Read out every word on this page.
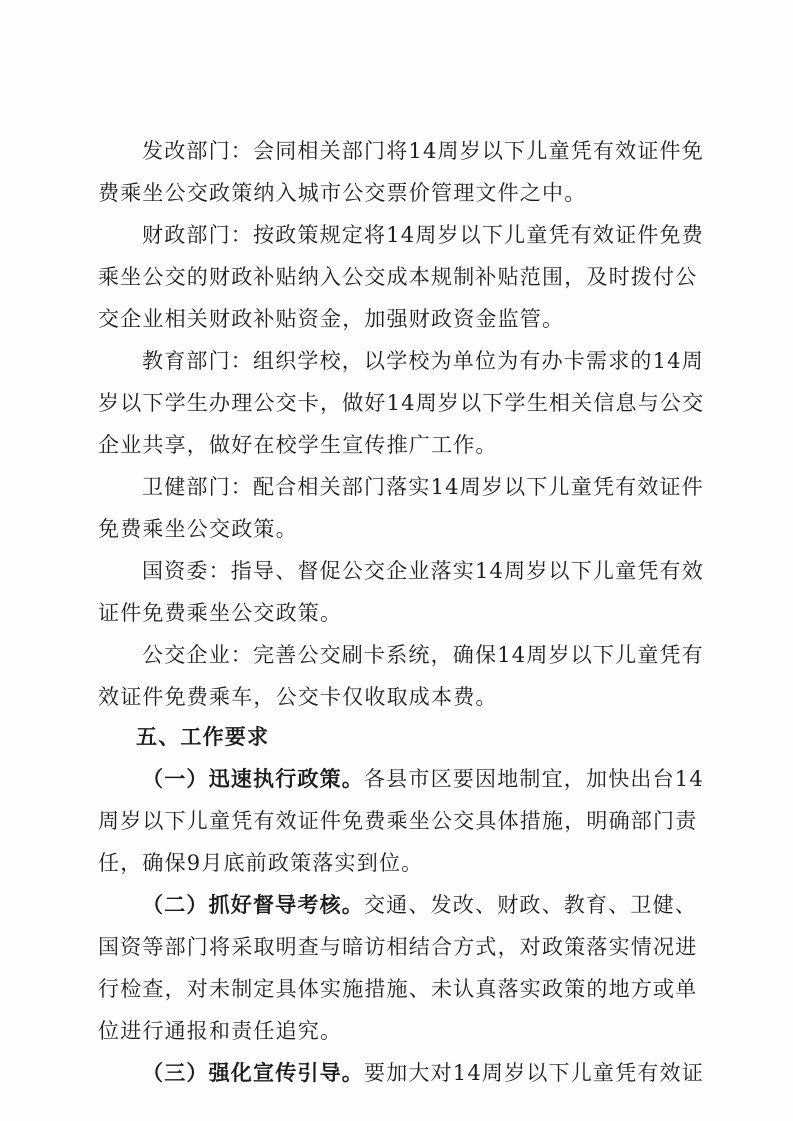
发改部门：会同相关部门将14周岁以下儿童凭有效证件免
费乘坐公交政策纳入城市公交票价管理文件之中。
财政部门：按政策规定将14周岁以下儿童凭有效证件免费
乘坐公交的财政补贴纳入公交成本规制补贴范围，及时拨付公
交企业相关财政补贴资金，加强财政资金监管。
教育部门：组织学校，以学校为单位为有办卡需求的14周
岁以下学生办理公交卡，做好14周岁以下学生相关信息与公交
企业共享，做好在校学生宣传推广工作。
卫健部门：配合相关部门落实14周岁以下儿童凭有效证件
免费乘坐公交政策。
国资委：指导、督促公交企业落实14周岁以下儿童凭有效
证件免费乘坐公交政策。
公交企业：完善公交刷卡系统，确保14周岁以下儿童凭有
效证件免费乘车，公交卡仅收取成本费。
五、工作要求
（一）迅速执行政策。各县市区要因地制宜，加快出台14
周岁以下儿童凭有效证件免费乘坐公交具体措施，明确部门责
任，确保9月底前政策落实到位。
（二）抓好督导考核。交通、发改、财政、教育、卫健、
国资等部门将采取明查与暗访相结合方式，对政策落实情况进
行检查，对未制定具体实施措施、未认真落实政策的地方或单
位进行通报和责任追究。
（三）强化宣传引导。要加大对14周岁以下儿童凭有效证
